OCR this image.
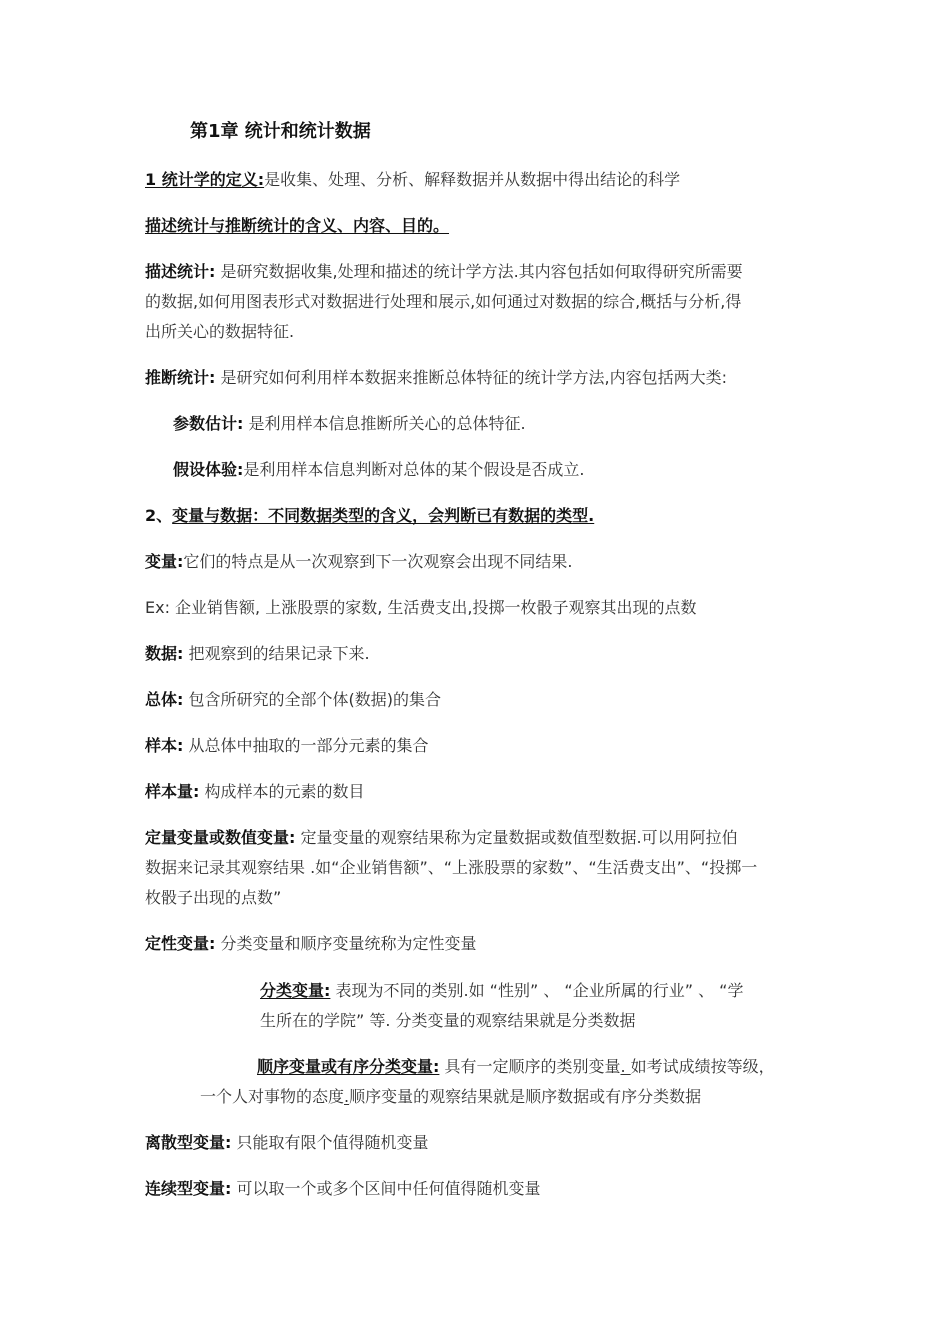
第1章 统计和统计数据
1 统计学的定义:是收集、处理、分析、解释数据并从数据中得出结论的科学
描述统计与推断统计的含义、内容、目的。
描述统计: 是研究数据收集,处理和描述的统计学方法.其内容包括如何取得研究所需要
的数据,如何用图表形式对数据进行处理和展示,如何通过对数据的综合,概括与分析,得
出所关心的数据特征.
推断统计: 是研究如何利用样本数据来推断总体特征的统计学方法,内容包括两大类:
参数估计: 是利用样本信息推断所关心的总体特征.
假设体验:是利用样本信息判断对总体的某个假设是否成立.
2、变量与数据：不同数据类型的含义，会判断已有数据的类型.
变量:它们的特点是从一次观察到下一次观察会出现不同结果.
Ex: 企业销售额, 上涨股票的家数, 生活费支出,投掷一枚骰子观察其出现的点数
数据: 把观察到的结果记录下来.
总体: 包含所研究的全部个体(数据)的集合
样本: 从总体中抽取的一部分元素的集合
样本量: 构成样本的元素的数目
定量变量或数值变量: 定量变量的观察结果称为定量数据或数值型数据.可以用阿拉伯
数据来记录其观察结果 .如“企业销售额”、“上涨股票的家数”、“生活费支出”、“投掷一
枚骰子出现的点数”
定性变量: 分类变量和顺序变量统称为定性变量
分类变量: 表现为不同的类别.如 “性别” 、 “企业所属的行业” 、 “学
生所在的学院” 等. 分类变量的观察结果就是分类数据
顺序变量或有序分类变量: 具有一定顺序的类别变量. 如考试成绩按等级，
一个人对事物的态度.顺序变量的观察结果就是顺序数据或有序分类数据
离散型变量: 只能取有限个值得随机变量
连续型变量: 可以取一个或多个区间中任何值得随机变量
